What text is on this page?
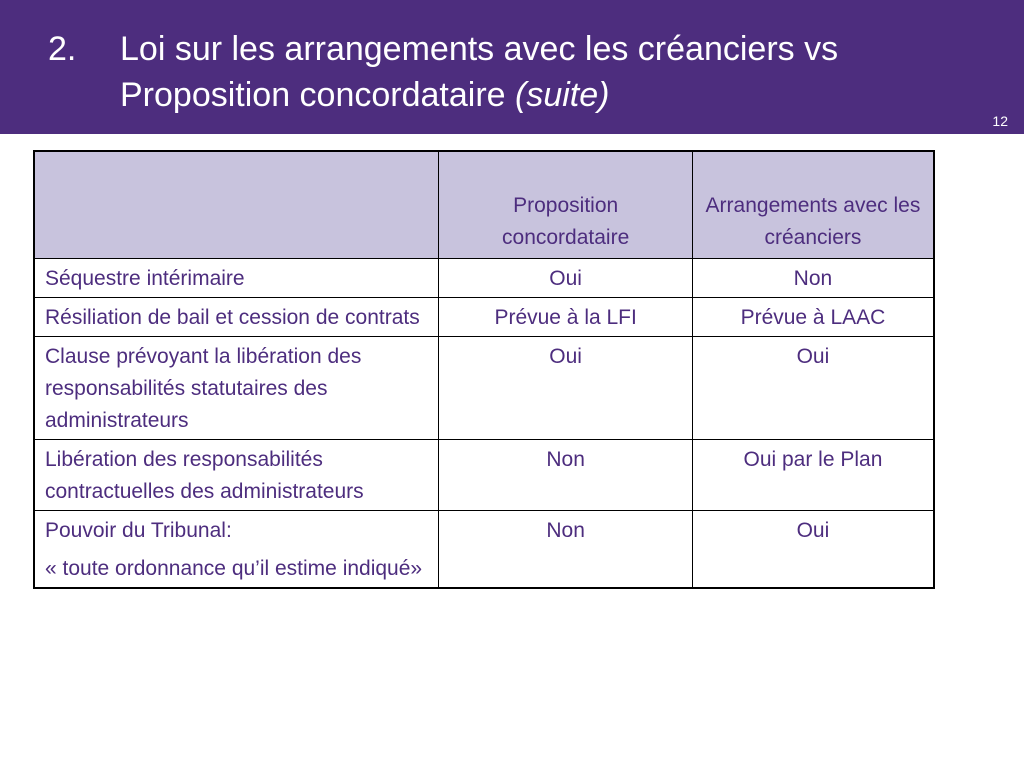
2. Loi sur les arrangements avec les créanciers vs
Proposition concordataire (suite)
12
	Proposition concordataire	Arrangements avec les créanciers
Séquestre intérimaire	Oui	Non
Résiliation de bail et cession de contrats	Prévue à la LFI	Prévue à LAAC
Clause prévoyant la libération des responsabilités statutaires des administrateurs	Oui	Oui
Libération des responsabilités contractuelles des administrateurs	Non	Oui par le Plan

Pouvoir du Tribunal:
« toute ordonnance qu’il estime indiqué»	Non	Oui
